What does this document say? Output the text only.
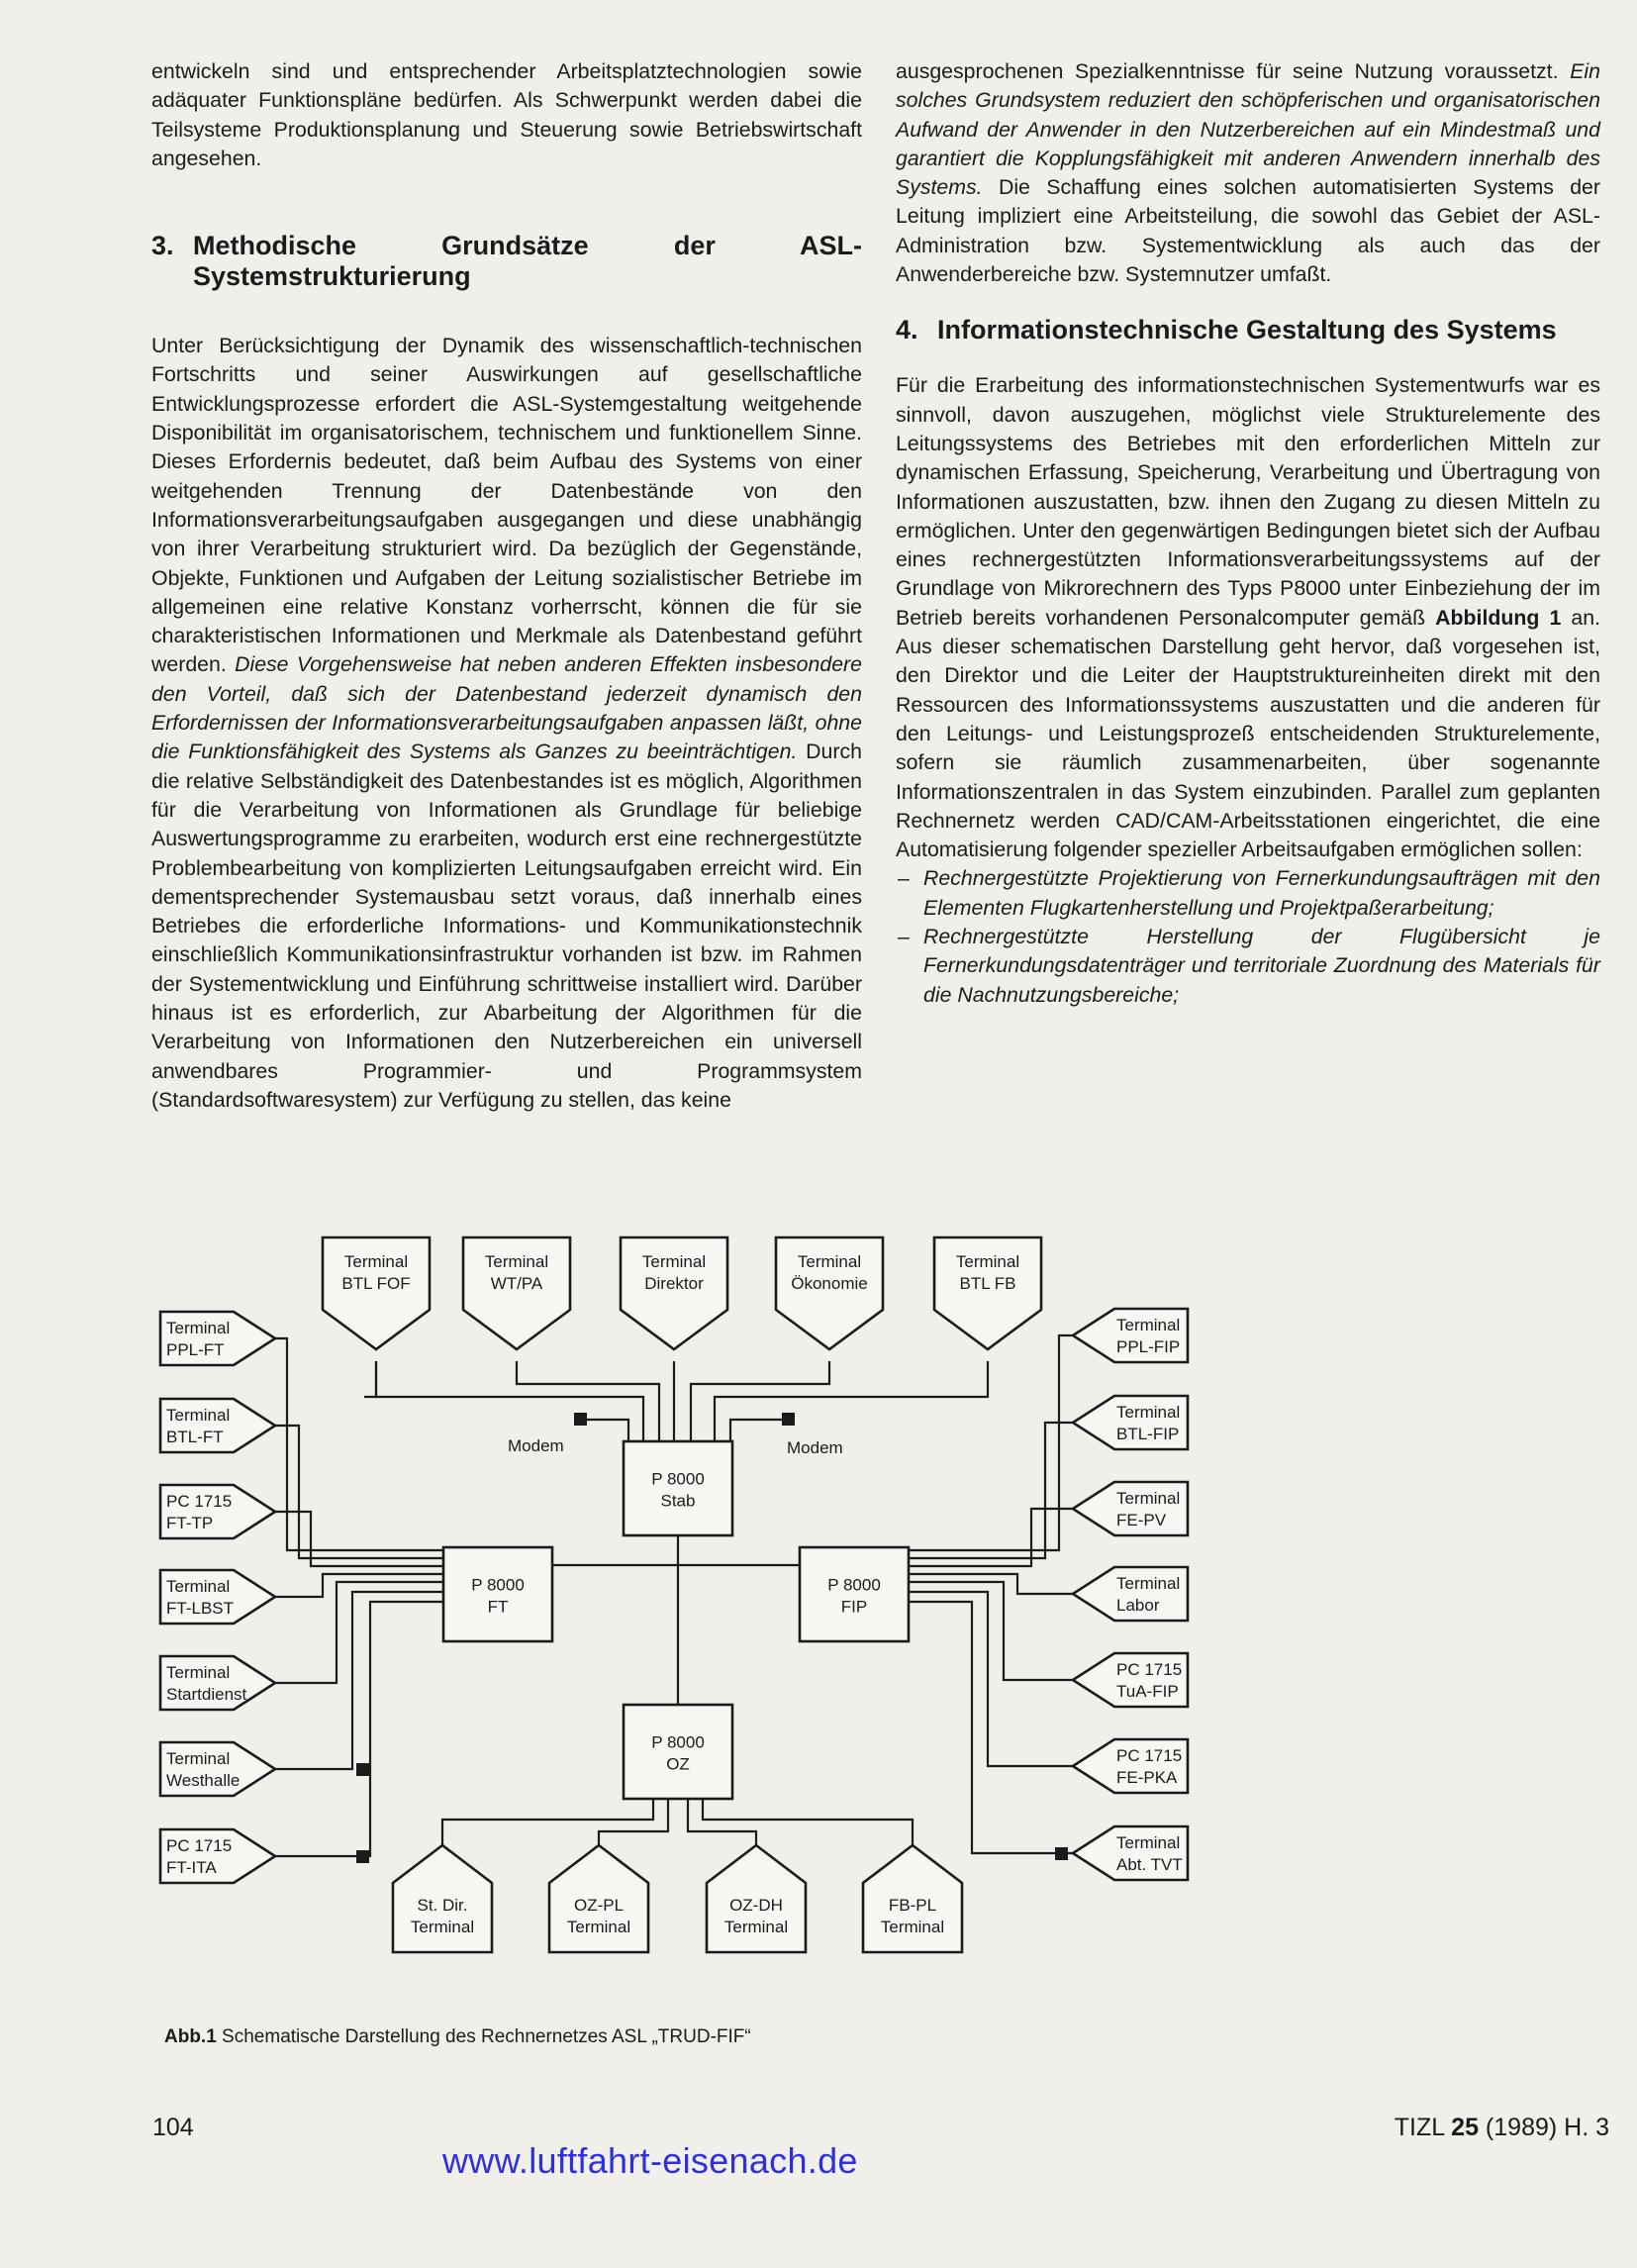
entwickeln sind und entsprechender Arbeitsplatztechnologien sowie adäquater Funktionspläne bedürfen. Als Schwerpunkt werden dabei die Teilsysteme Produktionsplanung und Steuerung sowie Betriebswirtschaft angesehen.

3. Methodische Grundsätze der ASL-Systemstrukturierung

Unter Berücksichtigung der Dynamik des wissenschaftlich-technischen Fortschritts und seiner Auswirkungen auf gesellschaftliche Entwicklungsprozesse erfordert die ASL-Systemgestaltung weitgehende Disponibilität im organisatorischem, technischem und funktionellem Sinne. Dieses Erfordernis bedeutet, daß beim Aufbau des Systems von einer weitgehenden Trennung der Datenbestände von den Informationsverarbeitungsaufgaben ausgegangen und diese unabhängig von ihrer Verarbeitung strukturiert wird. Da bezüglich der Gegenstände, Objekte, Funktionen und Aufgaben der Leitung sozialistischer Betriebe im allgemeinen eine relative Konstanz vorherrscht, können die für sie charakteristischen Informationen und Merkmale als Datenbestand geführt werden. Diese Vorgehensweise hat neben anderen Effekten insbesondere den Vorteil, daß sich der Datenbestand jederzeit dynamisch den Erfordernissen der Informationsverarbeitungsaufgaben anpassen läßt, ohne die Funktionsfähigkeit des Systems als Ganzes zu beeinträchtigen. Durch die relative Selbständigkeit des Datenbestandes ist es möglich, Algorithmen für die Verarbeitung von Informationen als Grundlage für beliebige Auswertungsprogramme zu erarbeiten, wodurch erst eine rechnergestützte Problembearbeitung von komplizierten Leitungsaufgaben erreicht wird. Ein dementsprechender Systemausbau setzt voraus, daß innerhalb eines Betriebes die erforderliche Informations- und Kommunikationstechnik einschließlich Kommunikationsinfrastruktur vorhanden ist bzw. im Rahmen der Systementwicklung und Einführung schrittweise installiert wird. Darüber hinaus ist es erforderlich, zur Abarbeitung der Algorithmen für die Verarbeitung von Informationen den Nutzerbereichen ein universell anwendbares Programmier- und Programmsystem (Standardsoftwaresystem) zur Verfügung zu stellen, das keine

ausgesprochenen Spezialkenntnisse für seine Nutzung voraussetzt. Ein solches Grundsystem reduziert den schöpferischen und organisatorischen Aufwand der Anwender in den Nutzerbereichen auf ein Mindestmaß und garantiert die Kopplungsfähigkeit mit anderen Anwendern innerhalb des Systems. Die Schaffung eines solchen automatisierten Systems der Leitung impliziert eine Arbeitsteilung, die sowohl das Gebiet der ASL-Administration bzw. Systementwicklung als auch das der Anwenderbereiche bzw. Systemnutzer umfaßt.

4. Informationstechnische Gestaltung des Systems

Für die Erarbeitung des informationstechnischen Systementwurfs war es sinnvoll, davon auszugehen, möglichst viele Strukturelemente des Leitungssystems des Betriebes mit den erforderlichen Mitteln zur dynamischen Erfassung, Speicherung, Verarbeitung und Übertragung von Informationen auszustatten, bzw. ihnen den Zugang zu diesen Mitteln zu ermöglichen. Unter den gegenwärtigen Bedingungen bietet sich der Aufbau eines rechnergestützten Informationsverarbeitungssystems auf der Grundlage von Mikrorechnern des Typs P8000 unter Einbeziehung der im Betrieb bereits vorhandenen Personalcomputer gemäß Abbildung 1 an. Aus dieser schematischen Darstellung geht hervor, daß vorgesehen ist, den Direktor und die Leiter der Hauptstruktureinheiten direkt mit den Ressourcen des Informationssystems auszustatten und die anderen für den Leitungs- und Leistungsprozeß entscheidenden Strukturelemente, sofern sie räumlich zusammenarbeiten, über sogenannte Informationszentralen in das System einzubinden. Parallel zum geplanten Rechnernetz werden CAD/CAM-Arbeitsstationen eingerichtet, die eine Automatisierung folgender spezieller Arbeitsaufgaben ermöglichen sollen:

– Rechnergestützte Projektierung von Fernerkundungsaufträgen mit den Elementen Flugkartenherstellung und Projektpaßerarbeitung;
– Rechnergestützte Herstellung der Flugübersicht je Fernerkundungsdatenträger und territoriale Zuordnung des Materials für die Nachnutzungsbereiche;
Terminal
BTL FOF
Terminal
WT/PA
Terminal
Direktor
Terminal
Ökonomie
Terminal
BTL FB
St. Dir.
Terminal
OZ-PL
Terminal
OZ-DH
Terminal
FB-PL
Terminal
Terminal
PPL-FT
Terminal
BTL-FT
PC 1715
FT-TP
Terminal
FT-LBST
Terminal
Startdienst
Terminal
Westhalle
PC 1715
FT-ITA
Terminal
PPL-FIP
Terminal
BTL-FIP
Terminal
FE-PV
Terminal
Labor
PC 1715
TuA-FIP
PC 1715
FE-PKA
Terminal
Abt. TVT
P 8000
Stab
P 8000
FT
P 8000
FIP
P 8000
OZ
Modem	Modem
Abb.1 Schematische Darstellung des Rechnernetzes ASL „TRUD-FIF“
104	TIZL 25 (1989) H. 3
www.luftfahrt-eisenach.de
